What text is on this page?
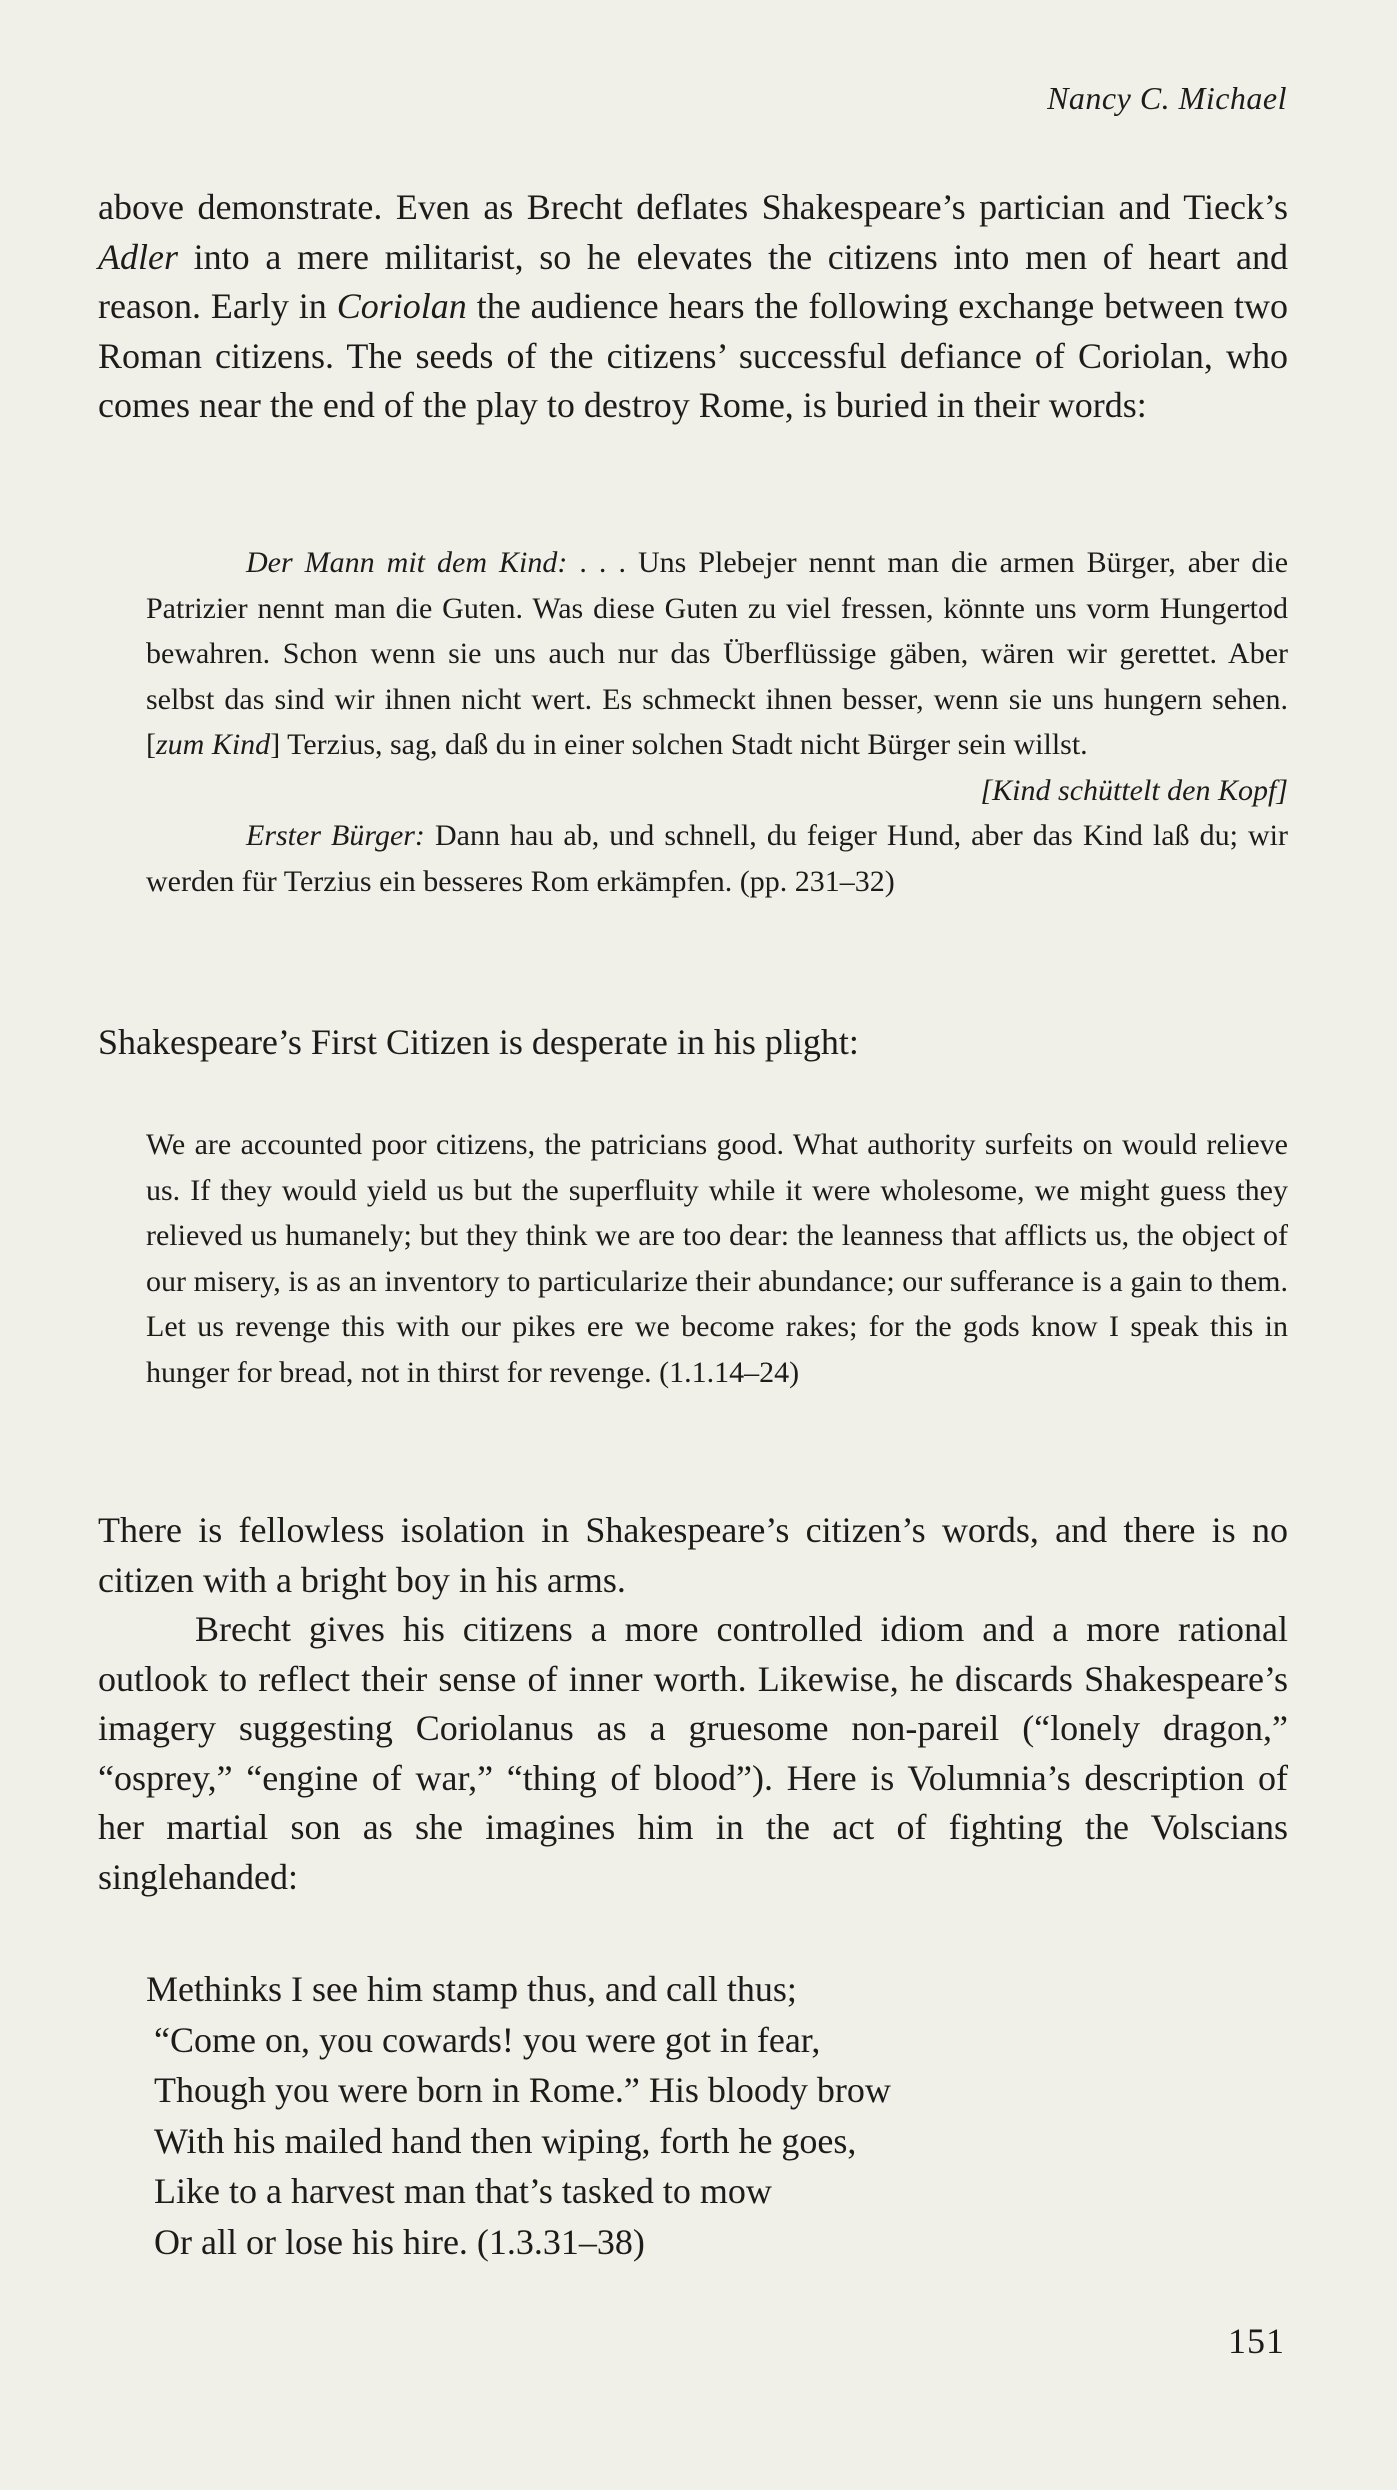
Nancy C. Michael
above demonstrate. Even as Brecht deflates Shakespeare’s partician and Tieck’s Adler into a mere militarist, so he elevates the citizens into men of heart and reason. Early in Coriolan the audience hears the following exchange between two Roman citizens. The seeds of the citizens’ successful defiance of Coriolan, who comes near the end of the play to destroy Rome, is buried in their words:
Der Mann mit dem Kind: . . . Uns Plebejer nennt man die armen Bürger, aber die Patrizier nennt man die Guten. Was diese Guten zu viel fressen, könnte uns vorm Hungertod bewahren. Schon wenn sie uns auch nur das Überflüssige gäben, wären wir gerettet. Aber selbst das sind wir ihnen nicht wert. Es schmeckt ihnen besser, wenn sie uns hungern sehen. [zum Kind] Terzius, sag, daß du in einer solchen Stadt nicht Bürger sein willst.
[Kind schüttelt den Kopf]
Erster Bürger: Dann hau ab, und schnell, du feiger Hund, aber das Kind laß du; wir werden für Terzius ein besseres Rom erkämpfen. (pp. 231–32)
Shakespeare’s First Citizen is desperate in his plight:
We are accounted poor citizens, the patricians good. What authority surfeits on would relieve us. If they would yield us but the superfluity while it were wholesome, we might guess they relieved us humanely; but they think we are too dear: the leanness that afflicts us, the object of our misery, is as an inventory to particularize their abundance; our sufferance is a gain to them. Let us revenge this with our pikes ere we become rakes; for the gods know I speak this in hunger for bread, not in thirst for revenge. (1.1.14–24)
There is fellowless isolation in Shakespeare’s citizen’s words, and there is no citizen with a bright boy in his arms.
Brecht gives his citizens a more controlled idiom and a more rational outlook to reflect their sense of inner worth. Likewise, he discards Shakespeare’s imagery suggesting Coriolanus as a gruesome non-pareil (“lonely dragon,” “osprey,” “engine of war,” “thing of blood”). Here is Volumnia’s description of her martial son as she imagines him in the act of fighting the Volscians singlehanded:
Methinks I see him stamp thus, and call thus;
“Come on, you cowards! you were got in fear,
Though you were born in Rome.” His bloody brow
With his mailed hand then wiping, forth he goes,
Like to a harvest man that’s tasked to mow
Or all or lose his hire. (1.3.31–38)
151
